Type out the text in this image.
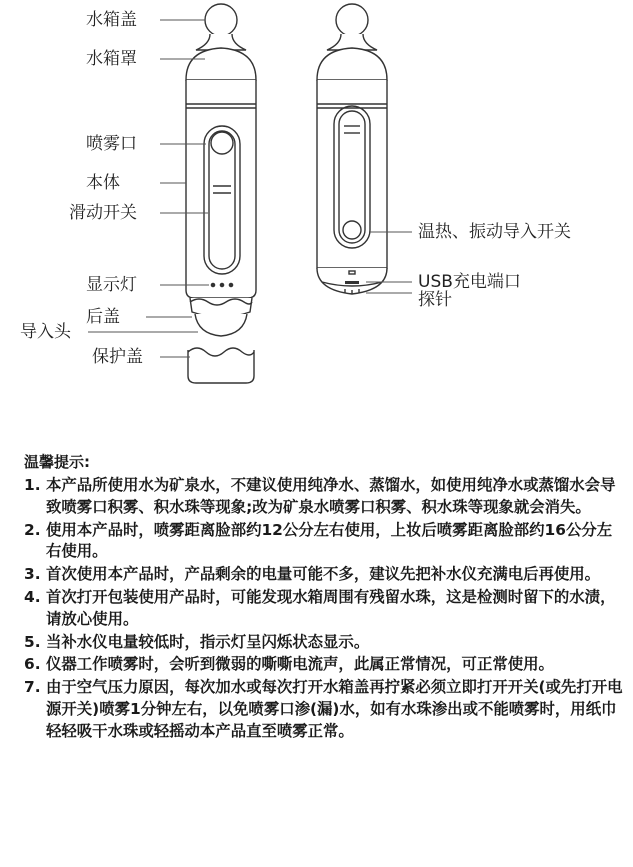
水箱盖
水箱罩
喷雾口
本体
滑动开关
显示灯
后盖
导入头
保护盖
温热、振动导入开关
USB充电端口
探针
温馨提示:
1. 本产品所使用水为矿泉水，不建议使用纯净水、蒸馏水，如使用纯净水或蒸馏水会导致喷雾口积雾、积水珠等现象;改为矿泉水喷雾口积雾、积水珠等现象就会消失。
2. 使用本产品时，喷雾距离脸部约12公分左右使用，上妆后喷雾距离脸部约16公分左右使用。
3. 首次使用本产品时，产品剩余的电量可能不多，建议先把补水仪充满电后再使用。
4. 首次打开包装使用产品时，可能发现水箱周围有残留水珠，这是检测时留下的水渍，请放心使用。
5. 当补水仪电量较低时，指示灯呈闪烁状态显示。
6. 仪器工作喷雾时，会听到微弱的嘶嘶电流声，此属正常情况，可正常使用。
7. 由于空气压力原因，每次加水或每次打开水箱盖再拧紧必须立即打开开关(或先打开电源开关)喷雾1分钟左右，以免喷雾口渗(漏)水，如有水珠渗出或不能喷雾时，用纸巾轻轻吸干水珠或轻摇动本产品直至喷雾正常。
